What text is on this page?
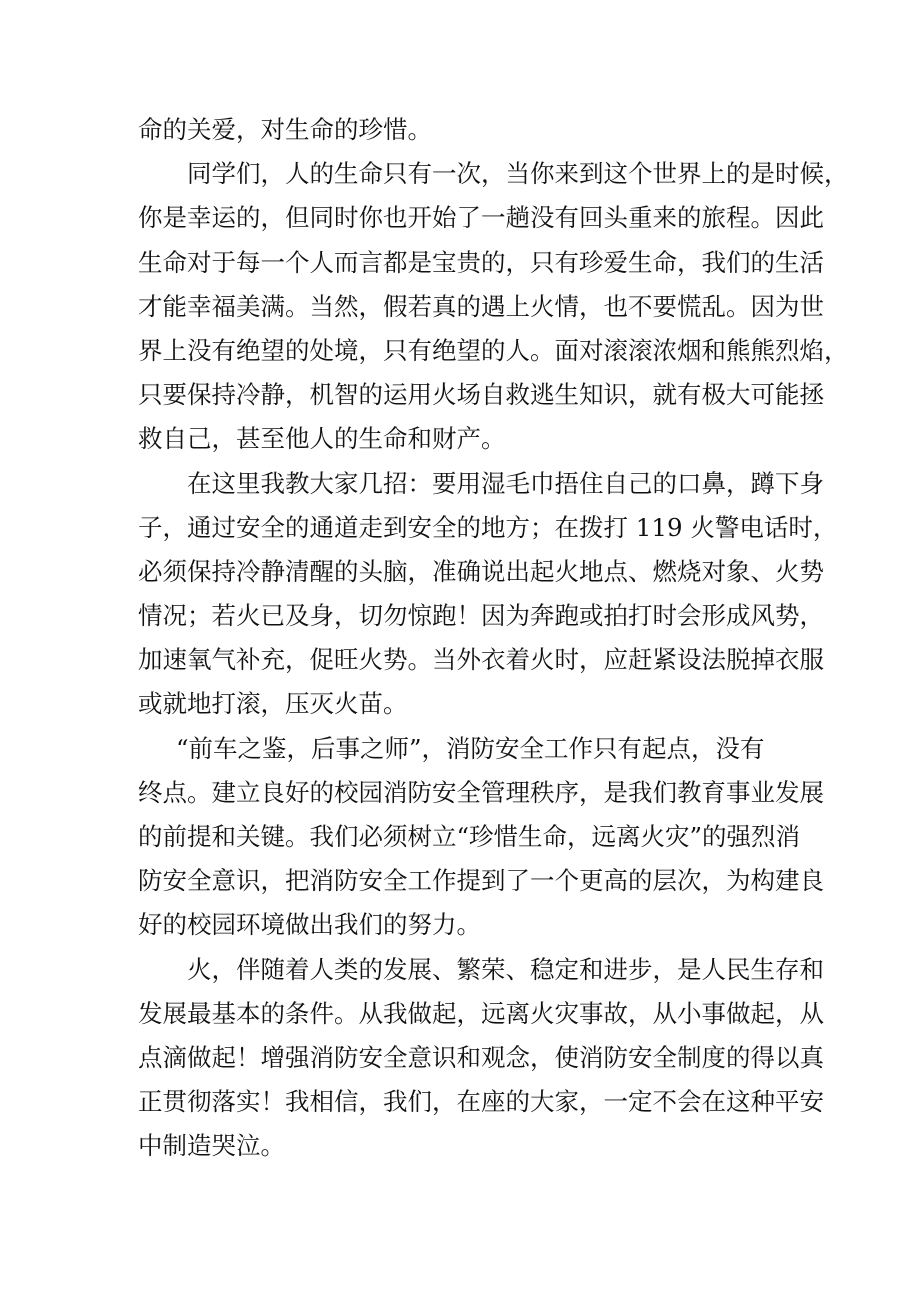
命的关爱，对生命的珍惜。

同学们，人的生命只有一次，当你来到这个世界上的是时候，
你是幸运的，但同时你也开始了一趟没有回头重来的旅程。因此
生命对于每一个人而言都是宝贵的，只有珍爱生命，我们的生活
才能幸福美满。当然，假若真的遇上火情，也不要慌乱。因为世
界上没有绝望的处境，只有绝望的人。面对滚滚浓烟和熊熊烈焰，
只要保持冷静，机智的运用火场自救逃生知识，就有极大可能拯
救自己，甚至他人的生命和财产。

在这里我教大家几招：要用湿毛巾捂住自己的口鼻，蹲下身
子，通过安全的通道走到安全的地方；在拨打 119 火警电话时，
必须保持冷静清醒的头脑，准确说出起火地点、燃烧对象、火势
情况；若火已及身，切勿惊跑！因为奔跑或拍打时会形成风势，
加速氧气补充，促旺火势。当外衣着火时，应赶紧设法脱掉衣服
或就地打滚，压灭火苗。

“前车之鉴，后事之师”，消防安全工作只有起点，没有
终点。建立良好的校园消防安全管理秩序，是我们教育事业发展
的前提和关键。我们必须树立“珍惜生命，远离火灾”的强烈消
防安全意识，把消防安全工作提到了一个更高的层次，为构建良
好的校园环境做出我们的努力。

火，伴随着人类的发展、繁荣、稳定和进步，是人民生存和
发展最基本的条件。从我做起，远离火灾事故，从小事做起，从
点滴做起！增强消防安全意识和观念，使消防安全制度的得以真
正贯彻落实！我相信，我们，在座的大家，一定不会在这种平安
中制造哭泣。
